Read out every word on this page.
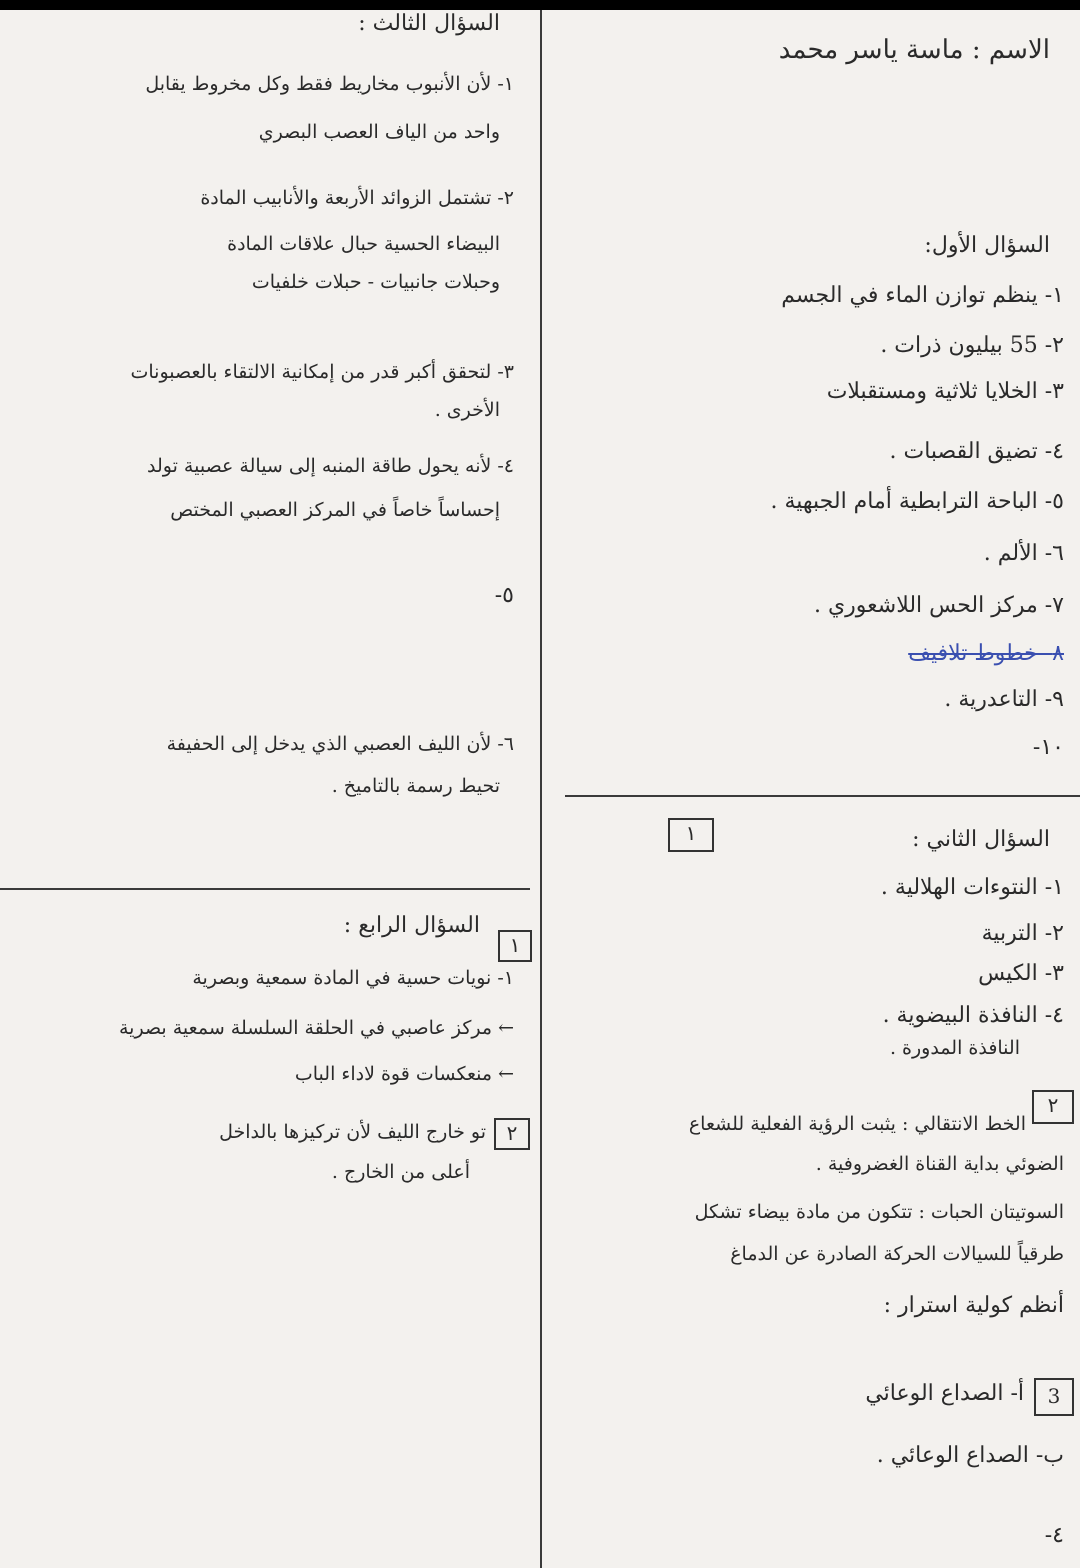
الاسم : ماسة ياسر محمد
السؤال الأول:
١- ينظم توازن الماء في الجسم
٢- 55 بيليون ذرات .
٣- الخلايا ثلاثية ومستقبلات
٤- تضيق القصبات .
٥- الباحة الترابطية أمام الجبهية .
٦- الألم .
٧- مركز الحس اللاشعوري .
٨- خطوط تلافيف
٩- التاعدرية .
١٠-
السؤال الثاني :
١
١- النتوءات الهلالية .
٢- التربية
٣- الكيس
٤- النافذة البيضوية .
النافذة المدورة .
٢
الخط الانتقالي : يثبت الرؤية الفعلية للشعاع
الضوئي بداية القناة الغضروفية .
السوتيتان الحبات : تتكون من مادة بيضاء تشكل
طرقياً للسيالات الحركة الصادرة عن الدماغ
أنظم كولية استرار :
3
أ- الصداع الوعائي
ب- الصداع الوعائي .
٤-
السؤال الثالث :
١- لأن الأنبوب مخاريط فقط وكل مخروط يقابل
واحد من الياف العصب البصري
٢- تشتمل الزوائد الأربعة والأنابيب المادة
البيضاء الحسية حبال علاقات المادة
وحبلات جانبيات - حبلات خلفيات
٣- لتحقق أكبر قدر من إمكانية الالتقاء بالعصبونات
الأخرى .
٤- لأنه يحول طاقة المنبه إلى سيالة عصبية تولد
إحساساً خاصاً في المركز العصبي المختص
٥-
٦- لأن الليف العصبي الذي يدخل إلى الحفيفة
تحيط رسمة بالتاميخ .
١
السؤال الرابع :
١- نويات حسية في المادة سمعية وبصرية
← مركز عاصبي في الحلقة السلسلة سمعية بصرية
← منعكسات قوة لاداء الباب
٢
تو خارج الليف لأن تركيزها بالداخل
أعلى من الخارج .
